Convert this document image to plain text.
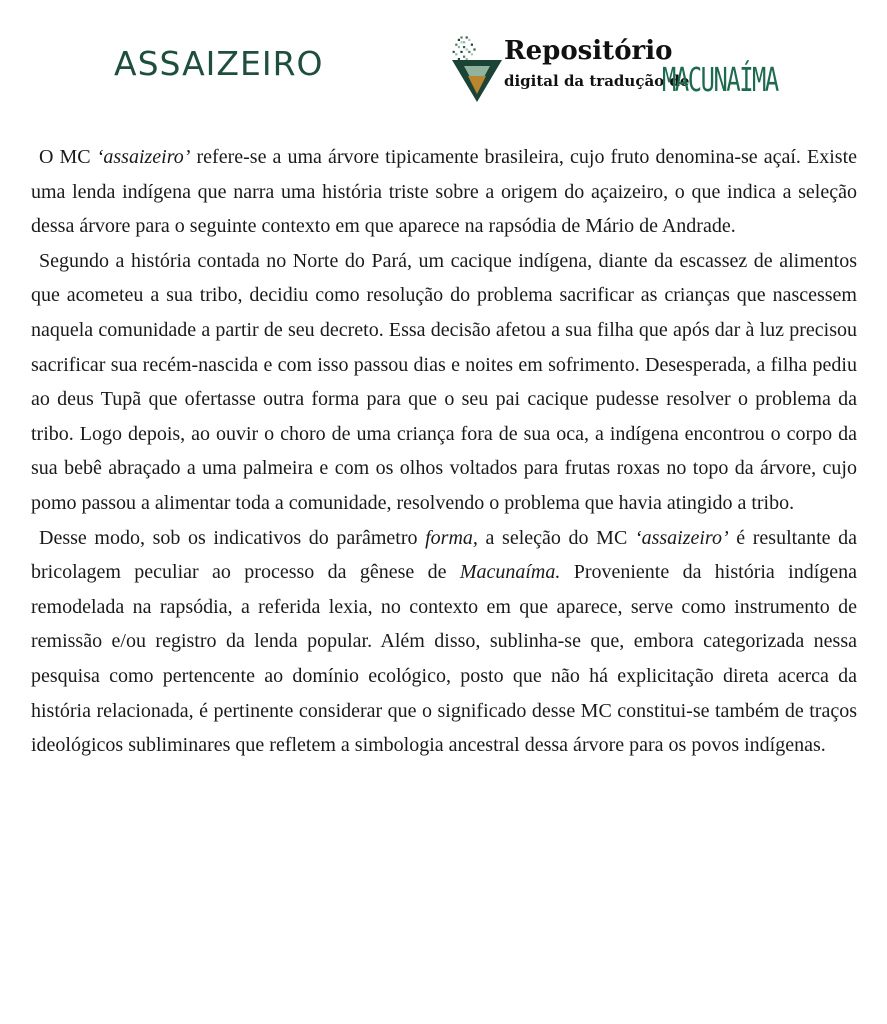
ASSAIZEIRO	Repositório
digital da tradução de
MACUNAÍMA

O MC ‘assaizeiro’ refere-se a uma árvore tipicamente brasileira, cujo fruto denomina-se açaí. Existe uma lenda indígena que narra uma história triste sobre a origem do açaizeiro, o que indica a seleção dessa árvore para o seguinte contexto em que aparece na rapsódia de Mário de Andrade.

Segundo a história contada no Norte do Pará, um cacique indígena, diante da escassez de alimentos que acometeu a sua tribo, decidiu como resolução do problema sacrificar as crianças que nascessem naquela comunidade a partir de seu decreto. Essa decisão afetou a sua filha que após dar à luz precisou sacrificar sua recém-nascida e com isso passou dias e noites em sofrimento. Desesperada, a filha pediu ao deus Tupã que ofertasse outra forma para que o seu pai cacique pudesse resolver o problema da tribo. Logo depois, ao ouvir o choro de uma criança fora de sua oca, a indígena encontrou o corpo da sua bebê abraçado a uma palmeira e com os olhos voltados para frutas roxas no topo da árvore, cujo pomo passou a alimentar toda a comunidade, resolvendo o problema que havia atingido a tribo.

Desse modo, sob os indicativos do parâmetro forma, a seleção do MC ‘assaizeiro’ é resultante da bricolagem peculiar ao processo da gênese de Macunaíma. Proveniente da história indígena remodelada na rapsódia, a referida lexia, no contexto em que aparece, serve como instrumento de remissão e/ou registro da lenda popular. Além disso, sublinha-se que, embora categorizada nessa pesquisa como pertencente ao domínio ecológico, posto que não há explicitação direta acerca da história relacionada, é pertinente considerar que o significado desse MC constitui-se também de traços ideológicos subliminares que refletem a simbologia ancestral dessa árvore para os povos indígenas.
